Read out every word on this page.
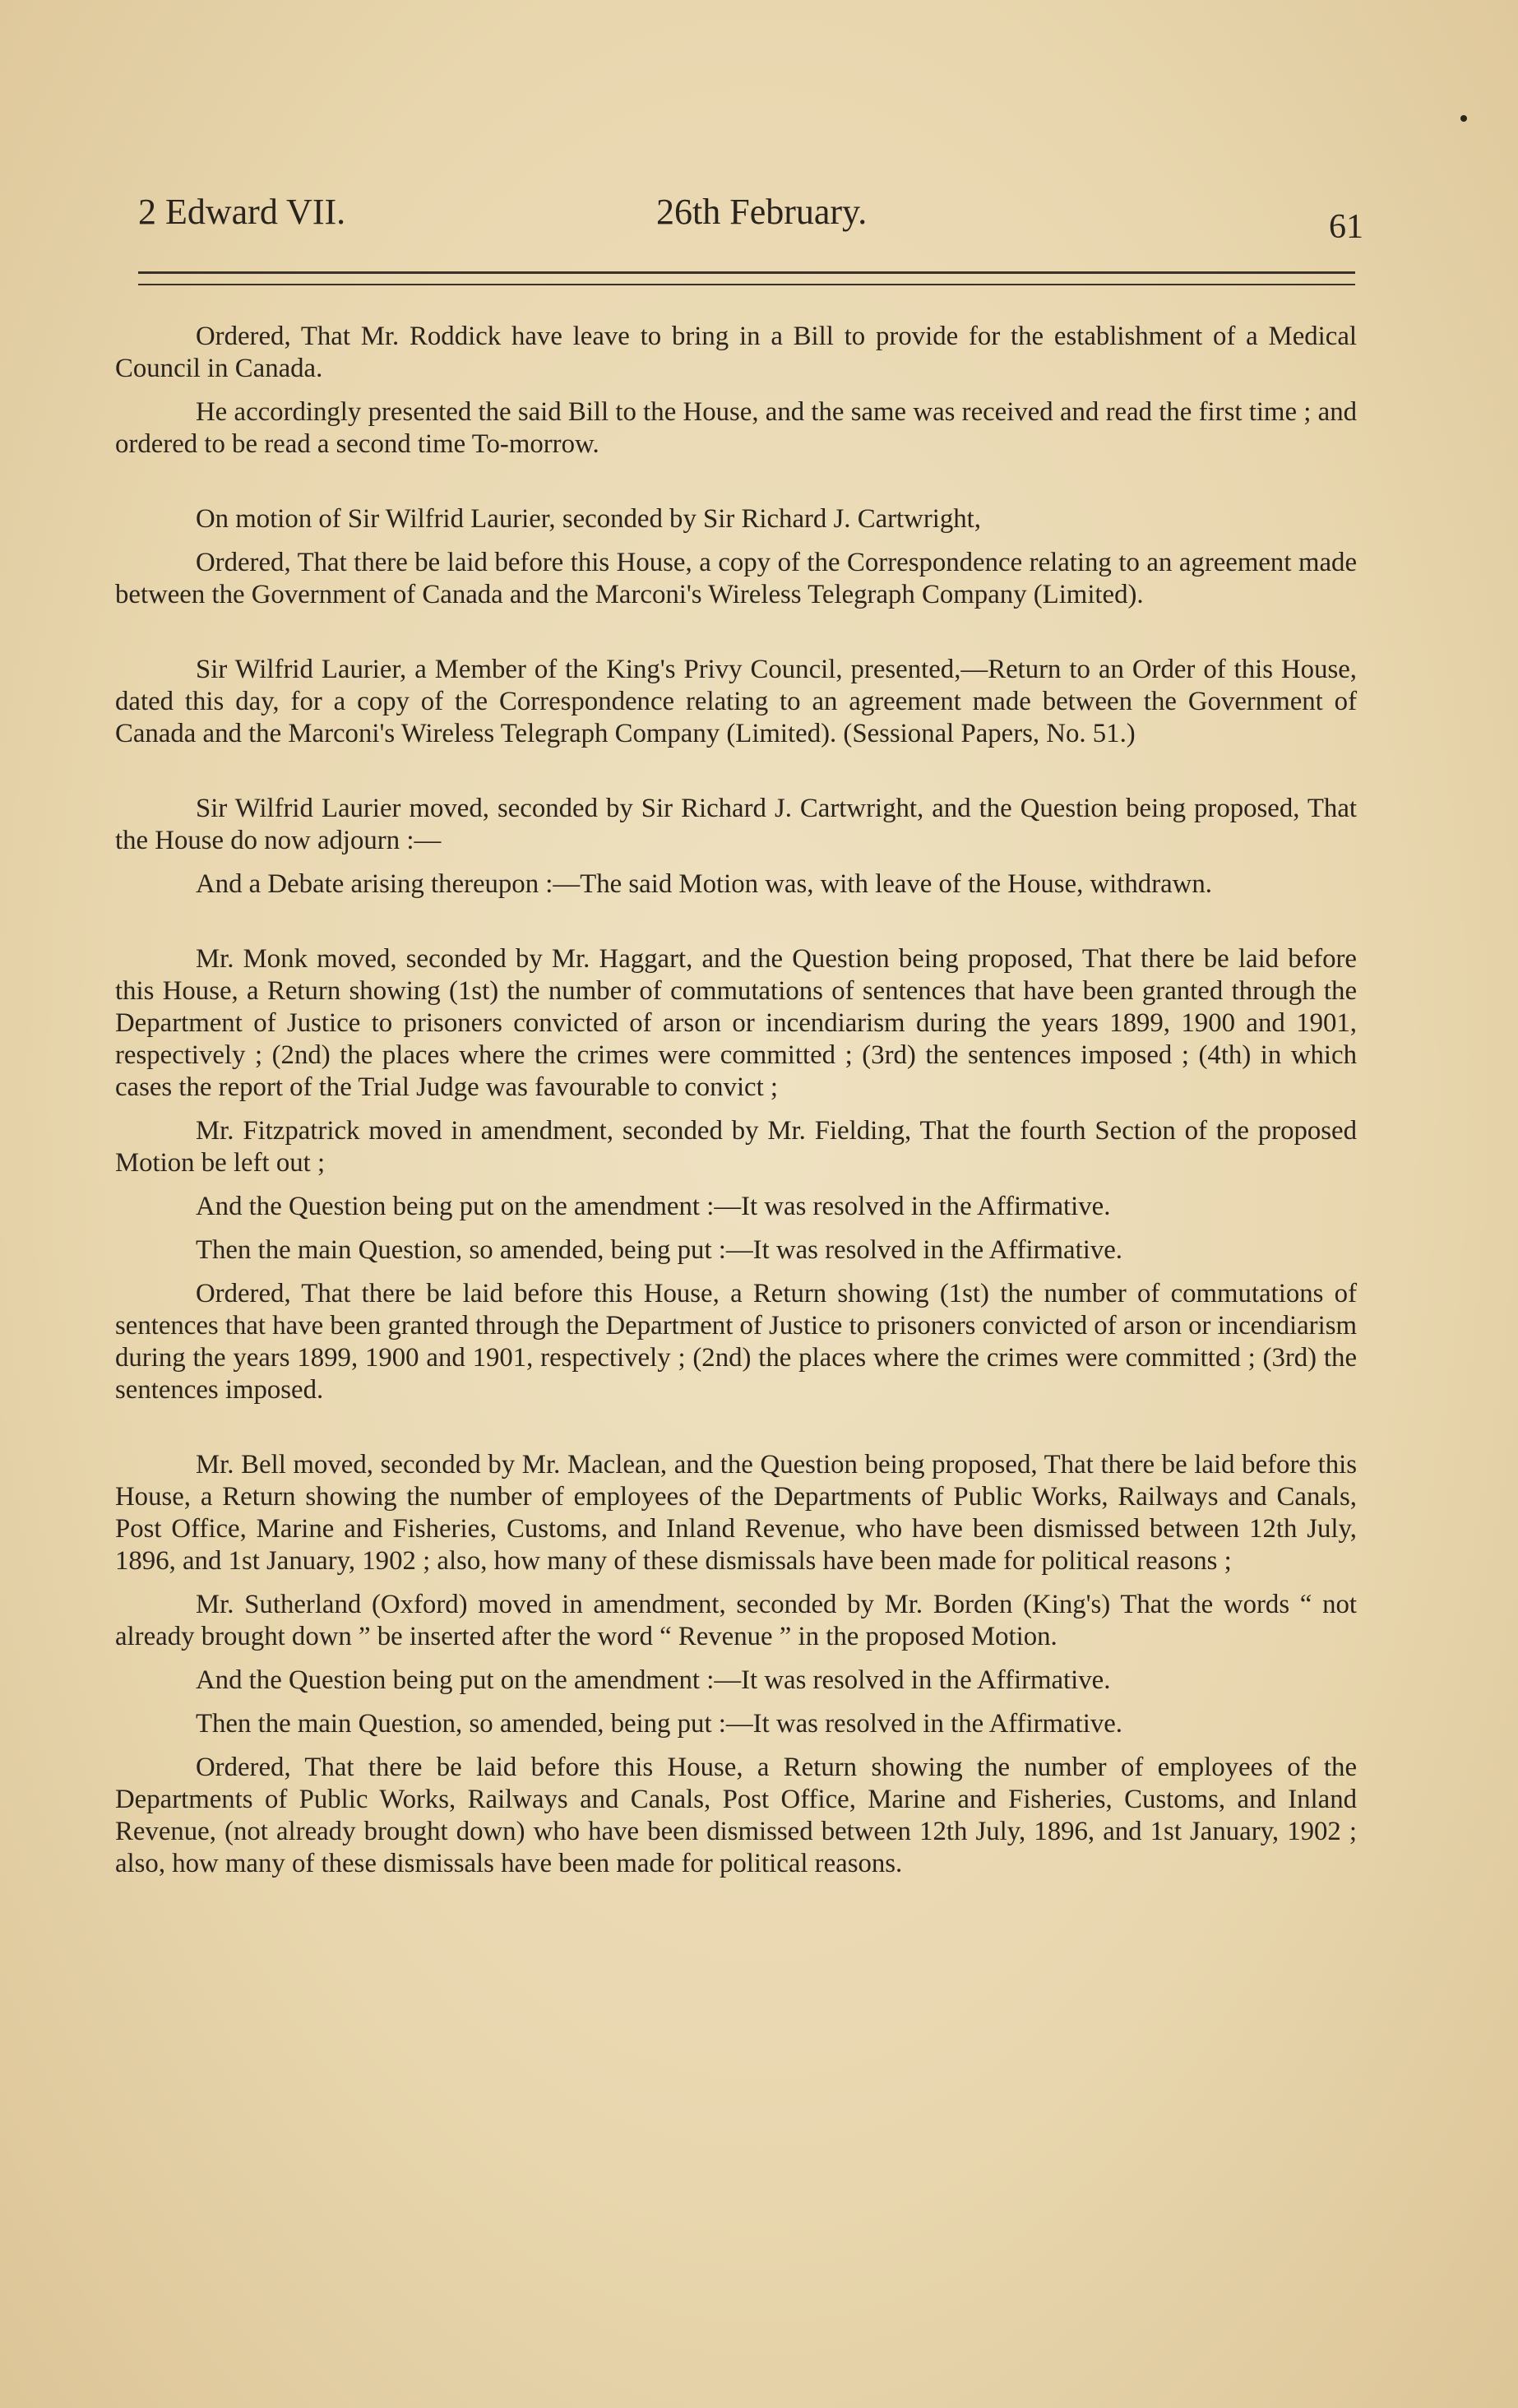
2 Edward VII.	26th February.	61

Ordered, That Mr. Roddick have leave to bring in a Bill to provide for the establishment of a Medical Council in Canada.

He accordingly presented the said Bill to the House, and the same was received and read the first time ; and ordered to be read a second time To-morrow.

On motion of Sir Wilfrid Laurier, seconded by Sir Richard J. Cartwright,

Ordered, That there be laid before this House, a copy of the Correspondence relating to an agreement made between the Government of Canada and the Marconi's Wireless Telegraph Company (Limited).

Sir Wilfrid Laurier, a Member of the King's Privy Council, presented,—Return to an Order of this House, dated this day, for a copy of the Correspondence relating to an agreement made between the Government of Canada and the Marconi's Wireless Telegraph Company (Limited). (Sessional Papers, No. 51.)

Sir Wilfrid Laurier moved, seconded by Sir Richard J. Cartwright, and the Question being proposed, That the House do now adjourn :—

And a Debate arising thereupon :—The said Motion was, with leave of the House, withdrawn.

Mr. Monk moved, seconded by Mr. Haggart, and the Question being proposed, That there be laid before this House, a Return showing (1st) the number of commutations of sentences that have been granted through the Department of Justice to prisoners convicted of arson or incendiarism during the years 1899, 1900 and 1901, respectively ; (2nd) the places where the crimes were committed ; (3rd) the sentences imposed ; (4th) in which cases the report of the Trial Judge was favourable to convict ;

Mr. Fitzpatrick moved in amendment, seconded by Mr. Fielding, That the fourth Section of the proposed Motion be left out ;

And the Question being put on the amendment :—It was resolved in the Affirmative.

Then the main Question, so amended, being put :—It was resolved in the Affirmative.

Ordered, That there be laid before this House, a Return showing (1st) the number of commutations of sentences that have been granted through the Department of Justice to prisoners convicted of arson or incendiarism during the years 1899, 1900 and 1901, respectively ; (2nd) the places where the crimes were committed ; (3rd) the sentences imposed.

Mr. Bell moved, seconded by Mr. Maclean, and the Question being proposed, That there be laid before this House, a Return showing the number of employees of the Departments of Public Works, Railways and Canals, Post Office, Marine and Fisheries, Customs, and Inland Revenue, who have been dismissed between 12th July, 1896, and 1st January, 1902 ; also, how many of these dismissals have been made for political reasons ;

Mr. Sutherland (Oxford) moved in amendment, seconded by Mr. Borden (King's) That the words “ not already brought down ” be inserted after the word “ Revenue ” in the proposed Motion.

And the Question being put on the amendment :—It was resolved in the Affirmative.

Then the main Question, so amended, being put :—It was resolved in the Affirmative.

Ordered, That there be laid before this House, a Return showing the number of employees of the Departments of Public Works, Railways and Canals, Post Office, Marine and Fisheries, Customs, and Inland Revenue, (not already brought down) who have been dismissed between 12th July, 1896, and 1st January, 1902 ; also, how many of these dismissals have been made for political reasons.
